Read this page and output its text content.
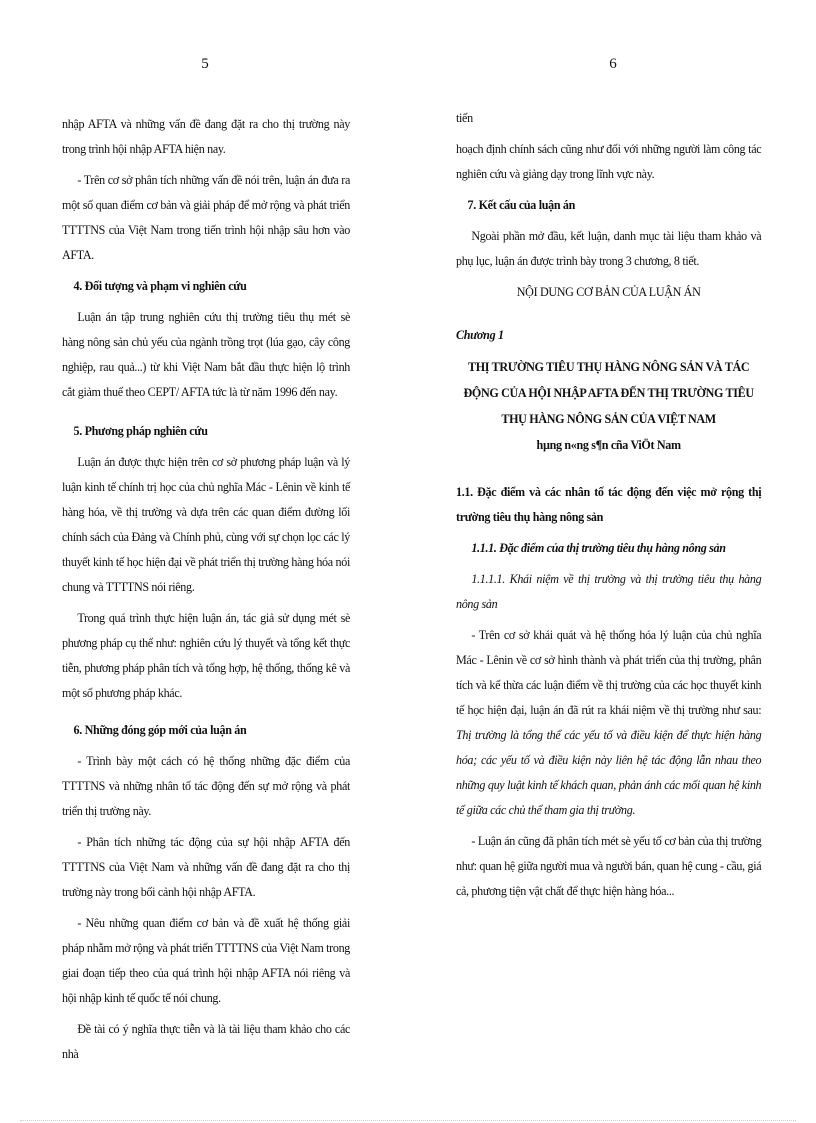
5	6

nhập AFTA và những vấn đề đang đặt ra cho thị trường này trong trình hội nhập AFTA hiện nay.

- Trên cơ sở phân tích những vấn đề nói trên, luận án đưa ra một số quan điểm cơ bản và giải pháp để mở rộng và phát triển TTTTNS của Việt Nam trong tiến trình hội nhập sâu hơn vào AFTA.

4. Đối tượng và phạm vi nghiên cứu

Luận án tập trung nghiên cứu thị trường tiêu thụ mét sè hàng nông sản chủ yếu của ngành trồng trọt (lúa gạo, cây công nghiệp, rau quả...) từ khi Việt Nam bắt đầu thực hiện lộ trình cắt giảm thuế theo CEPT/ AFTA tức là từ năm 1996 đến nay.

5. Phương pháp nghiên cứu

Luận án được thực hiện trên cơ sở phương pháp luận và lý luận kinh tế chính trị học của chủ nghĩa Mác - Lênin về kinh tế hàng hóa, về thị trường và dựa trên các quan điểm đường lối chính sách của Đảng và Chính phủ, cùng với sự chọn lọc các lý thuyết kinh tế học hiện đại về phát triển thị trường hàng hóa nói chung và TTTTNS nói riêng.

Trong quá trình thực hiện luận án, tác giả sử dụng mét sè phương pháp cụ thể như: nghiên cứu lý thuyết và tổng kết thực tiễn, phương pháp phân tích và tổng hợp, hệ thống, thống kê và một số phương pháp khác.

6. Những đóng góp mới của luận án

- Trình bày một cách có hệ thống những đặc điểm của TTTTNS và những nhân tố tác động đến sự mở rộng và phát triển thị trường này.

- Phân tích những tác động của sự hội nhập AFTA đến TTTTNS của Việt Nam và những vấn đề đang đặt ra cho thị trường này trong bối cảnh hội nhập AFTA.

- Nêu những quan điểm cơ bản và đề xuất hệ thống giải pháp nhằm mở rộng và phát triển TTTTNS của Việt Nam trong giai đoạn tiếp theo của quá trình hội nhập AFTA nói riêng và hội nhập kinh tế quốc tế nói chung.

Đề tài có ý nghĩa thực tiễn và là tài liệu tham khảo cho các nhà

tiến

hoạch định chính sách cũng như đối với những người làm công tác nghiên cứu và giảng dạy trong lĩnh vực này.

7. Kết cấu của luận án

Ngoài phần mở đầu, kết luận, danh mục tài liệu tham khảo và phụ lục, luận án được trình bày trong 3 chương, 8 tiết.

NỘI DUNG CƠ BẢN CỦA LUẬN ÁN

Chương 1

THỊ TRƯỜNG TIÊU THỤ HÀNG NÔNG SẢN VÀ TÁC ĐỘNG CỦA HỘI NHẬP AFTA ĐẾN THỊ TRƯỜNG TIÊU THỤ HÀNG NÔNG SẢN CỦA VIỆT NAM

hµng n«ng s¶n cña ViÖt Nam

1.1. Đặc điểm và các nhân tố tác động đến việc mở rộng thị trường tiêu thụ hàng nông sản

1.1.1. Đặc điểm của thị trường tiêu thụ hàng nông sản

1.1.1.1. Khái niệm về thị trường và thị trường tiêu thụ hàng nông sản

- Trên cơ sở khái quát và hệ thống hóa lý luận của chủ nghĩa Mác - Lênin về cơ sở hình thành và phát triển của thị trường, phân tích và kế thừa các luận điểm về thị trường của các học thuyết kinh tế học hiện đại, luận án đã rút ra khái niệm về thị trường như sau: Thị trường là tổng thể các yếu tố và điều kiện để thực hiện hàng hóa; các yếu tố và điều kiện này liên hệ tác động lẫn nhau theo những quy luật kinh tế khách quan, phản ánh các mối quan hệ kinh tế giữa các chủ thể tham gia thị trường.

- Luận án cũng đã phân tích mét sè yếu tố cơ bản của thị trường như: quan hệ giữa người mua và người bán, quan hệ cung - cầu, giá cả, phương tiện vật chất để thực hiện hàng hóa...
